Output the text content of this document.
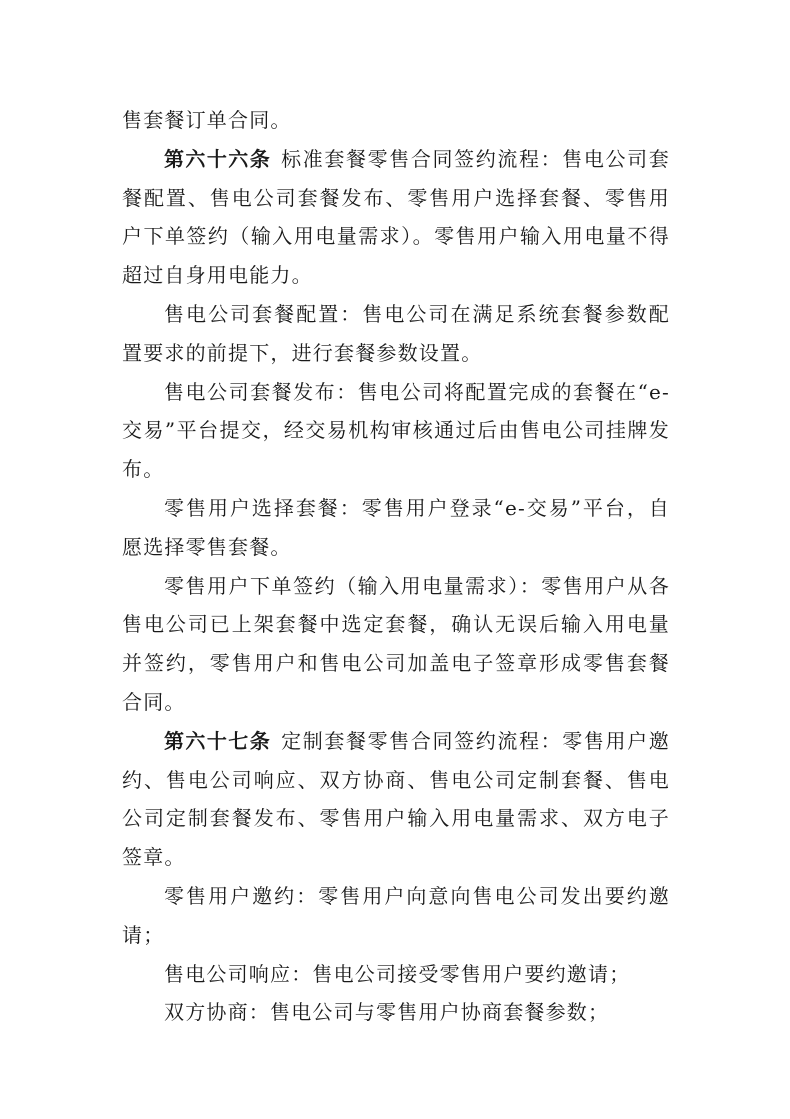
售套餐订单合同。

第六十六条 标准套餐零售合同签约流程：售电公司套餐配置、售电公司套餐发布、零售用户选择套餐、零售用户下单签约（输入用电量需求）。零售用户输入用电量不得超过自身用电能力。

售电公司套餐配置：售电公司在满足系统套餐参数配置要求的前提下，进行套餐参数设置。

售电公司套餐发布：售电公司将配置完成的套餐在“e-交易”平台提交，经交易机构审核通过后由售电公司挂牌发布。

零售用户选择套餐：零售用户登录“e-交易”平台，自愿选择零售套餐。

零售用户下单签约（输入用电量需求）：零售用户从各售电公司已上架套餐中选定套餐，确认无误后输入用电量并签约，零售用户和售电公司加盖电子签章形成零售套餐合同。

第六十七条 定制套餐零售合同签约流程：零售用户邀约、售电公司响应、双方协商、售电公司定制套餐、售电公司定制套餐发布、零售用户输入用电量需求、双方电子签章。

零售用户邀约：零售用户向意向售电公司发出要约邀请；

售电公司响应：售电公司接受零售用户要约邀请；

双方协商：售电公司与零售用户协商套餐参数；
